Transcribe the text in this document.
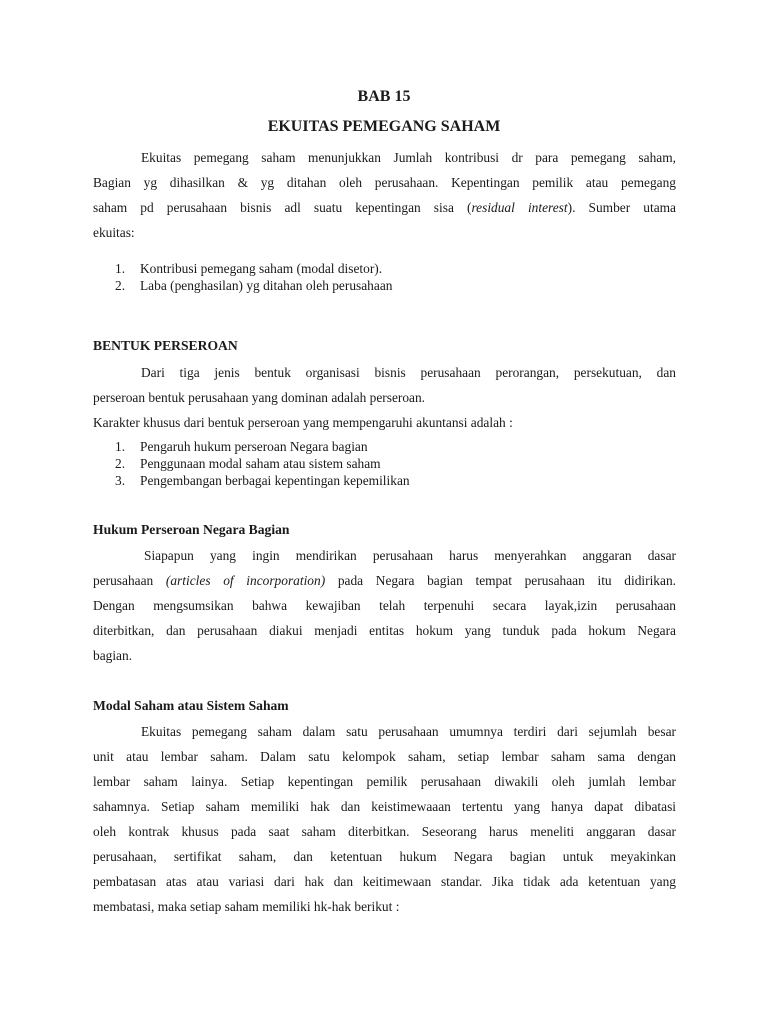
BAB 15
EKUITAS PEMEGANG SAHAM
Ekuitas pemegang saham menunjukkan Jumlah kontribusi dr para pemegang saham,
Bagian yg dihasilkan & yg ditahan oleh perusahaan. Kepentingan pemilik atau pemegang
saham pd perusahaan bisnis adl suatu kepentingan sisa (residual interest). Sumber utama
ekuitas:
1. Kontribusi pemegang saham (modal disetor).
2. Laba (penghasilan) yg ditahan oleh perusahaan
BENTUK PERSEROAN
Dari tiga jenis bentuk organisasi bisnis perusahaan perorangan, persekutuan, dan
perseroan bentuk perusahaan yang dominan adalah perseroan.
Karakter khusus dari bentuk perseroan yang mempengaruhi akuntansi adalah :
1. Pengaruh hukum perseroan Negara bagian
2. Penggunaan modal saham atau sistem saham
3. Pengembangan berbagai kepentingan kepemilikan
Hukum Perseroan Negara Bagian
Siapapun yang ingin mendirikan perusahaan harus menyerahkan anggaran dasar
perusahaan (articles of incorporation) pada Negara bagian tempat perusahaan itu didirikan.
Dengan mengsumsikan bahwa kewajiban telah terpenuhi secara layak,izin perusahaan
diterbitkan, dan perusahaan diakui menjadi entitas hokum yang tunduk pada hokum Negara
bagian.
Modal Saham atau Sistem Saham
Ekuitas pemegang saham dalam satu perusahaan umumnya terdiri dari sejumlah besar
unit atau lembar saham. Dalam satu kelompok saham, setiap lembar saham sama dengan
lembar saham lainya. Setiap kepentingan pemilik perusahaan diwakili oleh jumlah lembar
sahamnya. Setiap saham memiliki hak dan keistimewaaan tertentu yang hanya dapat dibatasi
oleh kontrak khusus pada saat saham diterbitkan. Seseorang harus meneliti anggaran dasar
perusahaan, sertifikat saham, dan ketentuan hukum Negara bagian untuk meyakinkan
pembatasan atas atau variasi dari hak dan keitimewaan standar. Jika tidak ada ketentuan yang
membatasi, maka setiap saham memiliki hk-hak berikut :
